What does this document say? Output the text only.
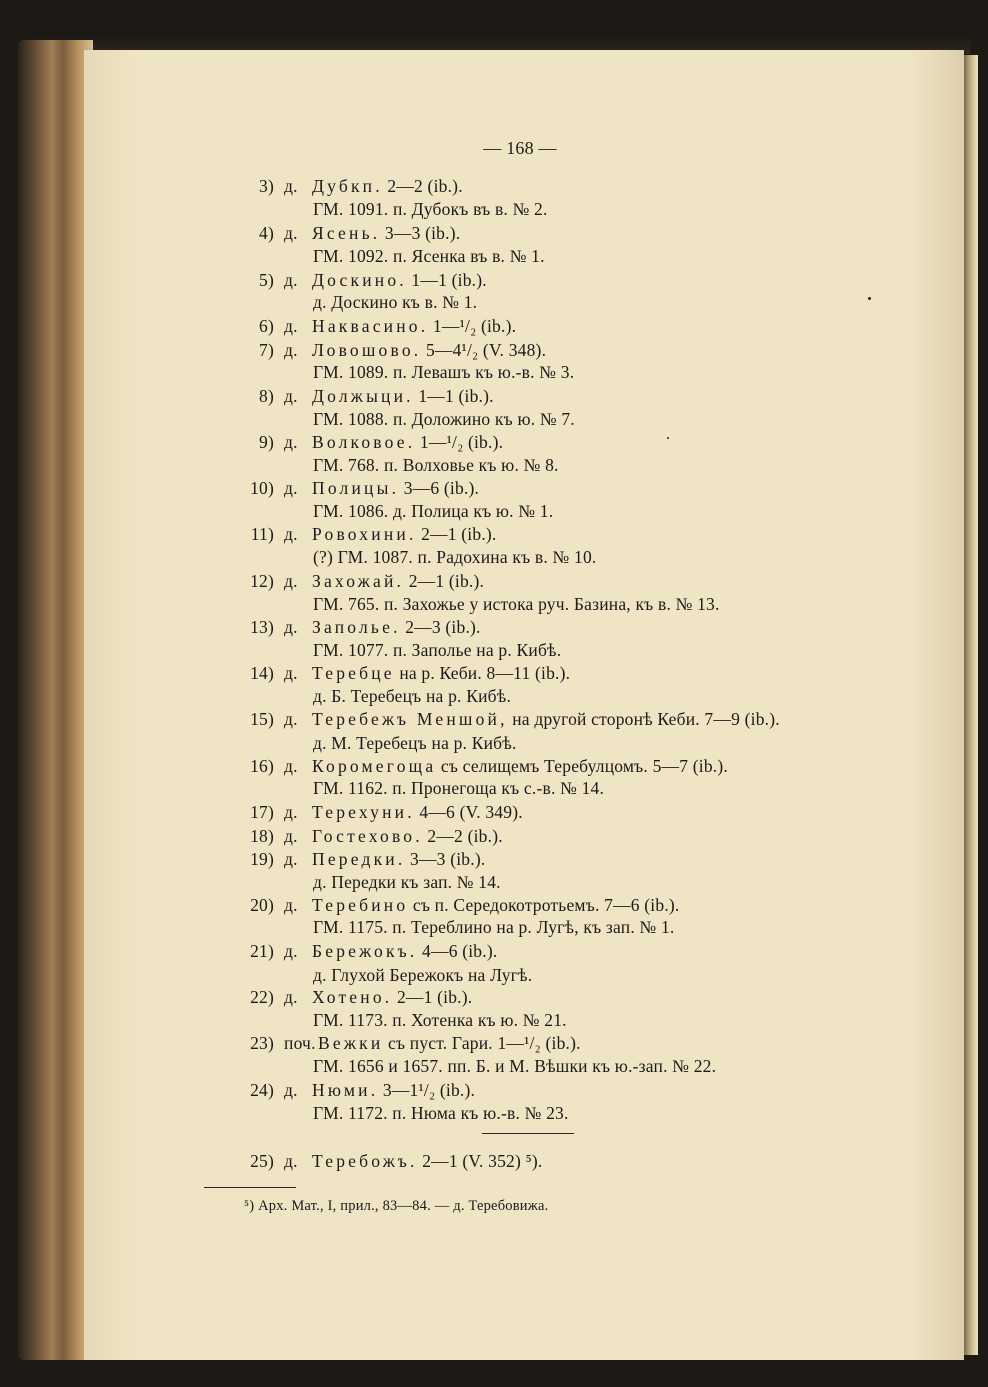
— 168 —
3) д. Дубкп. 2—2 (ib.).
ГМ. 1091. п. Дубокъ въ в. № 2.
4) д. Ясень. 3—3 (ib.).
ГМ. 1092. п. Ясенка въ в. № 1.
5) д. Доскино. 1—1 (ib.).
д. Доскино къ в. № 1.
6) д. Наквасино. 1—¹/₂ (ib.).
7) д. Ловошово. 5—4¹/₂ (V. 348).
ГМ. 1089. п. Левашъ къ ю.-в. № 3.
8) д. Должыци. 1—1 (ib.).
ГМ. 1088. п. Доложино къ ю. № 7.
9) д. Волковое. 1—¹/₂ (ib.).
ГМ. 768. п. Волховье къ ю. № 8.
10) д. Полицы. 3—6 (ib.).
ГМ. 1086. д. Полица къ ю. № 1.
11) д. Ровохини. 2—1 (ib.).
(?) ГМ. 1087. п. Радохина къ в. № 10.
12) д. Захожай. 2—1 (ib.).
ГМ. 765. п. Захожье у истока руч. Базина, къ в. № 13.
13) д. Заполье. 2—3 (ib.).
ГМ. 1077. п. Заполье на р. Кибѣ.
14) д. Теребце на р. Кеби. 8—11 (ib.).
д. Б. Теребецъ на р. Кибѣ.
15) д. Теребежъ Меншой, на другой сторонѣ Кеби. 7—9 (ib.).
д. М. Теребецъ на р. Кибѣ.
16) д. Коромегоща съ селищемъ Теребулцомъ. 5—7 (ib.).
ГМ. 1162. п. Пронегоща къ с.-в. № 14.
17) д. Терехуни. 4—6 (V. 349).
18) д. Гостехово. 2—2 (ib.).
19) д. Передки. 3—3 (ib.).
д. Передки къ зап. № 14.
20) д. Теребино съ п. Середокотротьемъ. 7—6 (ib.).
ГМ. 1175. п. Тереблино на р. Лугѣ, къ зап. № 1.
21) д. Бережокъ. 4—6 (ib.).
д. Глухой Бережокъ на Лугѣ.
22) д. Хотено. 2—1 (ib.).
ГМ. 1173. п. Хотенка къ ю. № 21.
23) поч. Вежки съ пуст. Гари. 1—¹/₂ (ib.).
ГМ. 1656 и 1657. пп. Б. и М. Вѣшки къ ю.-зап. № 22.
24) д. Нюми. 3—1¹/₂ (ib.).
ГМ. 1172. п. Нюма къ ю.-в. № 23.
25) д. Теребожъ. 2—1 (V. 352) ⁵).
⁵) Арх. Мат., I, прил., 83—84. — д. Теребовижа.
